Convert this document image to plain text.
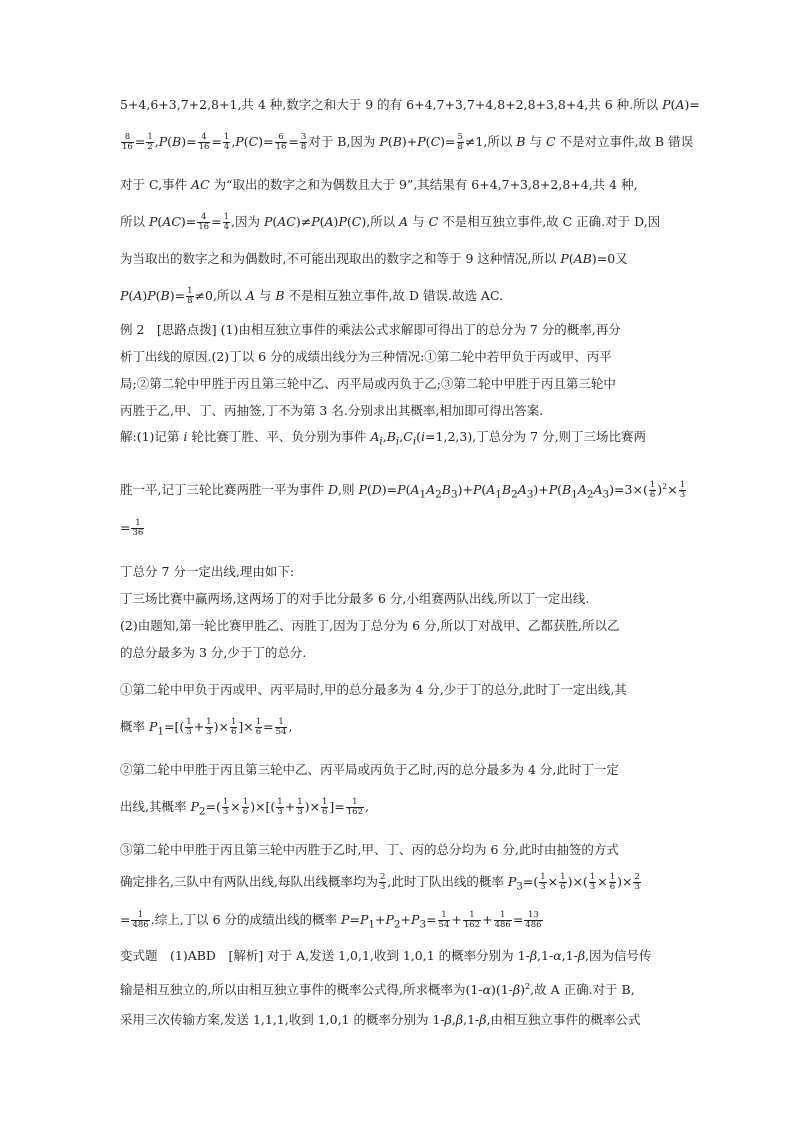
5+4,6+3,7+2,8+1,共 4 种,数字之和大于 9 的有 6+4,7+3,7+4,8+2,8+3,8+4,共 6 种.所以 P(A)=
$\frac{8}{16} = \frac{1}{2} ,P(B)= \frac{4}{16} = \frac{1}{4} ,P(C)= \frac{6}{16} = \frac{3}{8}$ 对于 B,因为 $P(B)+P(C)= \frac{5}{8} \ne 1$,所以 B 与 C 不是对立事件,故 B 错误
对于 C,事件 AC 为“取出的数字之和为偶数且大于 9”,其结果有 6+4,7+3,8+2,8+4,共 4 种,
所以 $P(AC)= \frac{4}{16} = \frac{1}{4}$ ,因为 P(AC)≠P(A)P(C),所以 A 与 C 不是相互独立事件,故 C 正确.对于 D,因
为当取出的数字之和为偶数时,不可能出现取出的数字之和等于 9 这种情况,所以 P(AB)=0又
$P(A)P(B)= \frac{1}{8} \ne 0$,所以 A 与 B 不是相互独立事件,故 D 错误.故选 AC.
例 2　[思路点拨] (1)由相互独立事件的乘法公式求解即可得出丁的总分为 7 分的概率,再分
析丁出线的原因.(2)丁以 6 分的成绩出线分为三种情况:①第二轮中若甲负于丙或甲、丙平
局;②第二轮中甲胜于丙且第三轮中乙、丙平局或丙负于乙;③第二轮中甲胜于丙且第三轮中
丙胜于乙,甲、丁、丙抽签,丁不为第 3 名.分别求出其概率,相加即可得出答案.
解:(1)记第 i 轮比赛丁胜、平、负分别为事件 $A_i,B_i,C_i(i=1,2,3)$,丁总分为 7 分,则丁三场比赛两
胜一平,记丁三轮比赛两胜一平为事件 D,则 $P(D)=P(A_1A_2B_3)+P(A_1B_2A_3)+P(B_1A_2A_3)=3\times( \frac{1}{6} )^2\times \frac{1}{3}$
= $\frac{1}{36}$
丁总分 7 分一定出线,理由如下:
丁三场比赛中赢两场,这两场丁的对手比分最多 6 分,小组赛两队出线,所以丁一定出线.
(2)由题知,第一轮比赛甲胜乙、丙胜丁,因为丁总分为 6 分,所以丁对战甲、乙都获胜,所以乙
的总分最多为 3 分,少于丁的总分.
①第二轮中甲负于丙或甲、丙平局时,甲的总分最多为 4 分,少于丁的总分,此时丁一定出线,其
概率 $P_1=[( \frac{1}{3} + \frac{1}{3}$ )× $\frac{1}{6}$ ]× $\frac{1}{6} = \frac{1}{54}$ ,
②第二轮中甲胜于丙且第三轮中乙、丙平局或丙负于乙时,丙的总分最多为 4 分,此时丁一定
出线,其概率 $P_2=( \frac{1}{3} \times \frac{1}{6}$ )×[( $\frac{1}{3} + \frac{1}{3}$ )× $\frac{1}{6}$ ]= $\frac{1}{162}$ ,
③第二轮中甲胜于丙且第三轮中丙胜于乙时,甲、丁、丙的总分均为 6 分,此时由抽签的方式
确定排名,三队中有两队出线,每队出线概率均为 $\frac{2}{3}$ ,此时丁队出线的概率 $P_3=( \frac{1}{3} \times \frac{1}{6}$ )×( $\frac{1}{3} \times \frac{1}{6}$ )× $\frac{2}{3}$
= $\frac{1}{486}$ .综上,丁以 6 分的成绩出线的概率 $P=P_1+P_2+P_3= \frac{1}{54} + \frac{1}{162} + \frac{1}{486} = \frac{13}{486}$
变式题　(1)ABD　[解析] 对于 A,发送 1,0,1,收到 1,0,1 的概率分别为 1-β,1-α,1-β,因为信号传
输是相互独立的,所以由相互独立事件的概率公式得,所求概率为$(1-\alpha)(1-\beta)^2$,故 A 正确.对于 B,
采用三次传输方案,发送 1,1,1,收到 1,0,1 的概率分别为 1-β,β,1-β,由相互独立事件的概率公式
